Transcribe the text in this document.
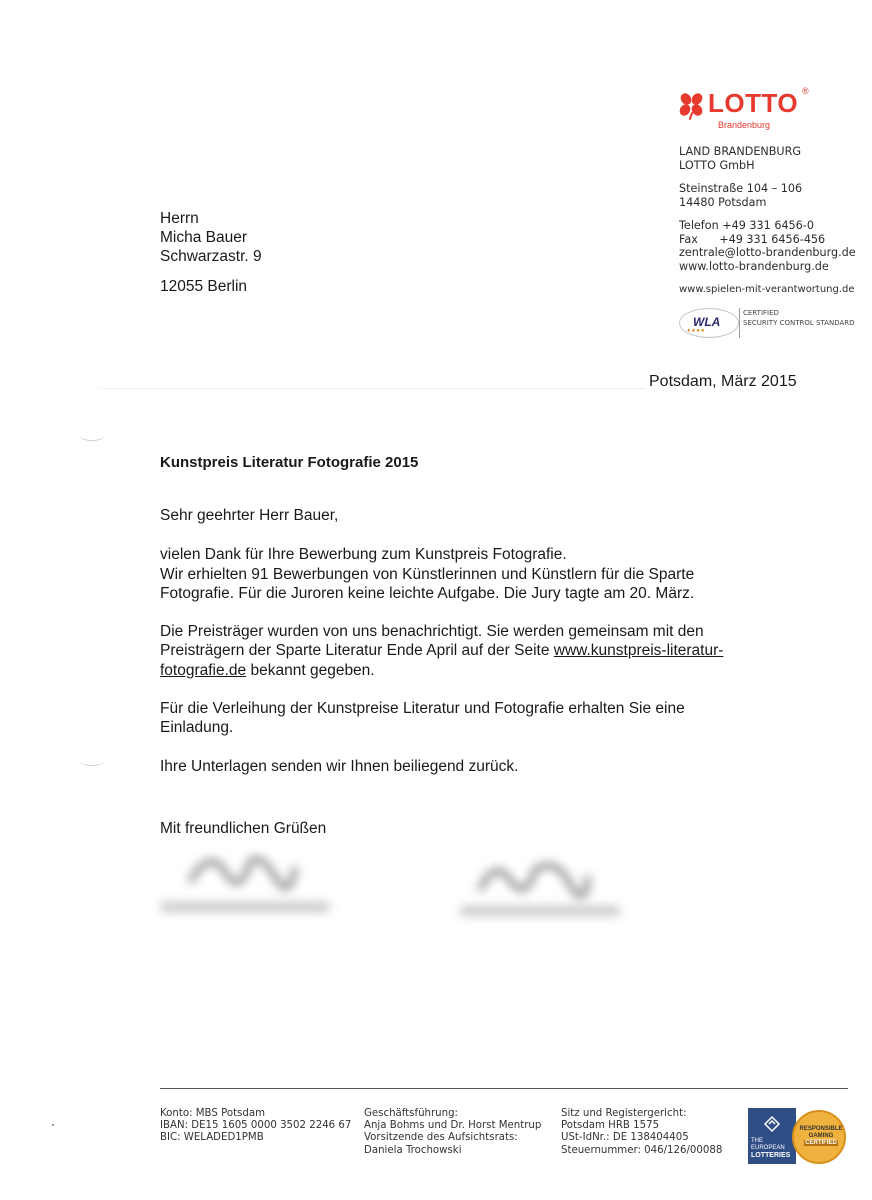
LOTTO ®
Brandenburg
LAND BRANDENBURG
LOTTO GmbH
Steinstraße 104 – 106
14480 Potsdam
Telefon +49 331 6456-0
Fax +49 331 6456-456
zentrale@lotto-brandenburg.de
www.lotto-brandenburg.de
www.spielen-mit-verantwortung.de
WLA
●●●●
CERTIFIED
SECURITY CONTROL STANDARD
Herrn
Micha Bauer
Schwarzastr. 9
12055 Berlin
Potsdam, März 2015
Kunstpreis Literatur Fotografie 2015

Sehr geehrter Herr Bauer,

vielen Dank für Ihre Bewerbung zum Kunstpreis Fotografie.

Wir erhielten 91 Bewerbungen von Künstlerinnen und Künstlern für die Sparte

Fotografie. Für die Juroren keine leichte Aufgabe. Die Jury tagte am 20. März.

Die Preisträger wurden von uns benachrichtigt. Sie werden gemeinsam mit den

Preisträgern der Sparte Literatur Ende April auf der Seite www.kunstpreis-literatur-

fotografie.de bekannt gegeben.

Für die Verleihung der Kunstpreise Literatur und Fotografie erhalten Sie eine

Einladung.

Ihre Unterlagen senden wir Ihnen beiliegend zurück.

Mit freundlichen Grüßen
Konto: MBS Potsdam
IBAN: DE15 1605 0000 3502 2246 67
BIC: WELADED1PMB
Geschäftsführung:
Anja Bohms und Dr. Horst Mentrup
Vorsitzende des Aufsichtsrats:
Daniela Trochowski
Sitz und Registergericht:
Potsdam HRB 1575
USt-IdNr.: DE 138404405
Steuernummer: 046/126/00088
THE
EUROPEAN
LOTTERIES
RESPONSIBLE
GAMING
CERTIFIED
